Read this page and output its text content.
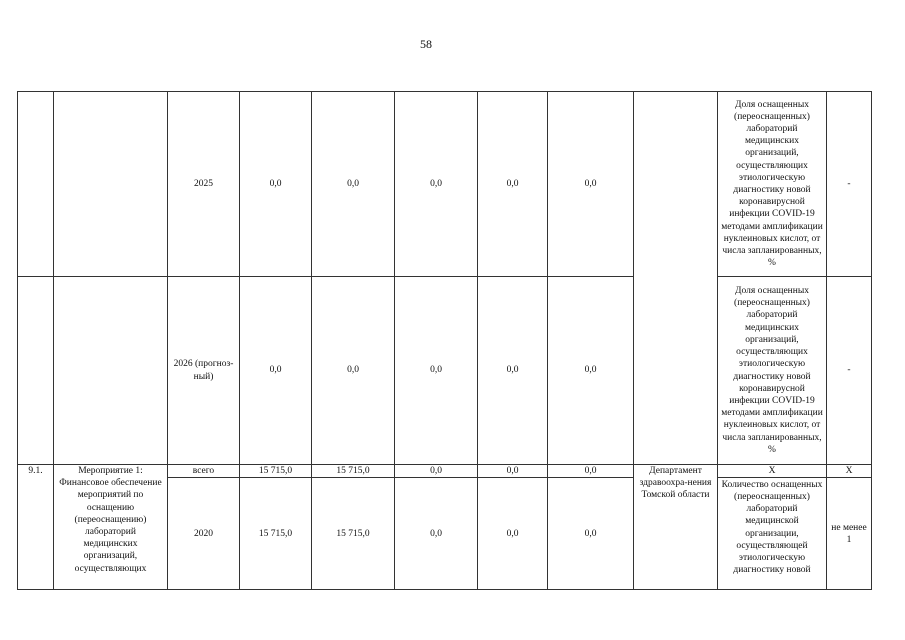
58
		2025	0,0	0,0	0,0	0,0	0,0		Доля оснащенных (переоснащенных) лабораторий медицинских организаций, осуществляющих этиологическую диагностику новой коронавирусной инфекции COVID-19 методами амплификации нуклеиновых кислот, от числа запланированных, %	-
		2026 (прогноз-ный)	0,0	0,0	0,0	0,0	0,0		Доля оснащенных (переоснащенных) лабораторий медицинских организаций, осуществляющих этиологическую диагностику новой коронавирусной инфекции COVID-19 методами амплификации нуклеиновых кислот, от числа запланированных, %	-
9.1.	Мероприятие 1: Финансовое обеспечение мероприятий по оснащению (переоснащению) лабораторий медицинских организаций, осуществляющих	всего	15 715,0	15 715,0	0,0	0,0	0,0	Департамент здравоохра-нения Томской области	Х	Х
		2020	15 715,0	15 715,0	0,0	0,0	0,0		Количество оснащенных (переоснащенных) лабораторий медицинской организации, осуществляющей этиологическую диагностику новой	не менее 1
